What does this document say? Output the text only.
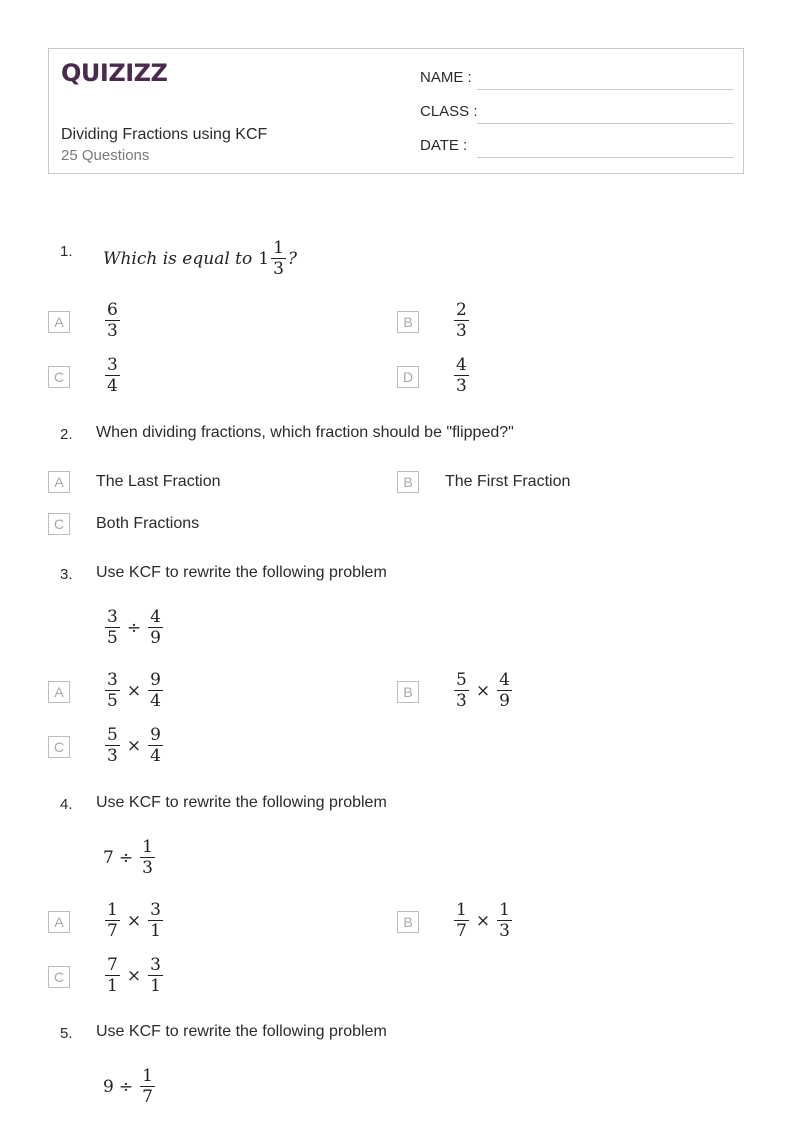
QUIZIZZ
Dividing Fractions using KCF
25 Questions
NAME :
CLASS :
DATE :
1. Which is equal to $1 \frac{1}{3}$ ?
A	$\frac{6}{3}$	B	$\frac{2}{3}$
C	$\frac{3}{4}$	D	$\frac{4}{3}$
2. When dividing fractions, which fraction should be "flipped?"
A	The Last Fraction	B	The First Fraction
C	Both Fractions
3. Use KCF to rewrite the following problem
$\frac{3}{5} \div \frac{4}{9}$
A	$\frac{3}{5} \times \frac{9}{4}$	B	$\frac{5}{3} \times \frac{4}{9}$
C	$\frac{5}{3} \times \frac{9}{4}$
4. Use KCF to rewrite the following problem
$7 \div \frac{1}{3}$
A	$\frac{1}{7} \times \frac{3}{1}$	B	$\frac{1}{7} \times \frac{1}{3}$
C	$\frac{7}{1} \times \frac{3}{1}$
5. Use KCF to rewrite the following problem
$9 \div \frac{1}{7}$
